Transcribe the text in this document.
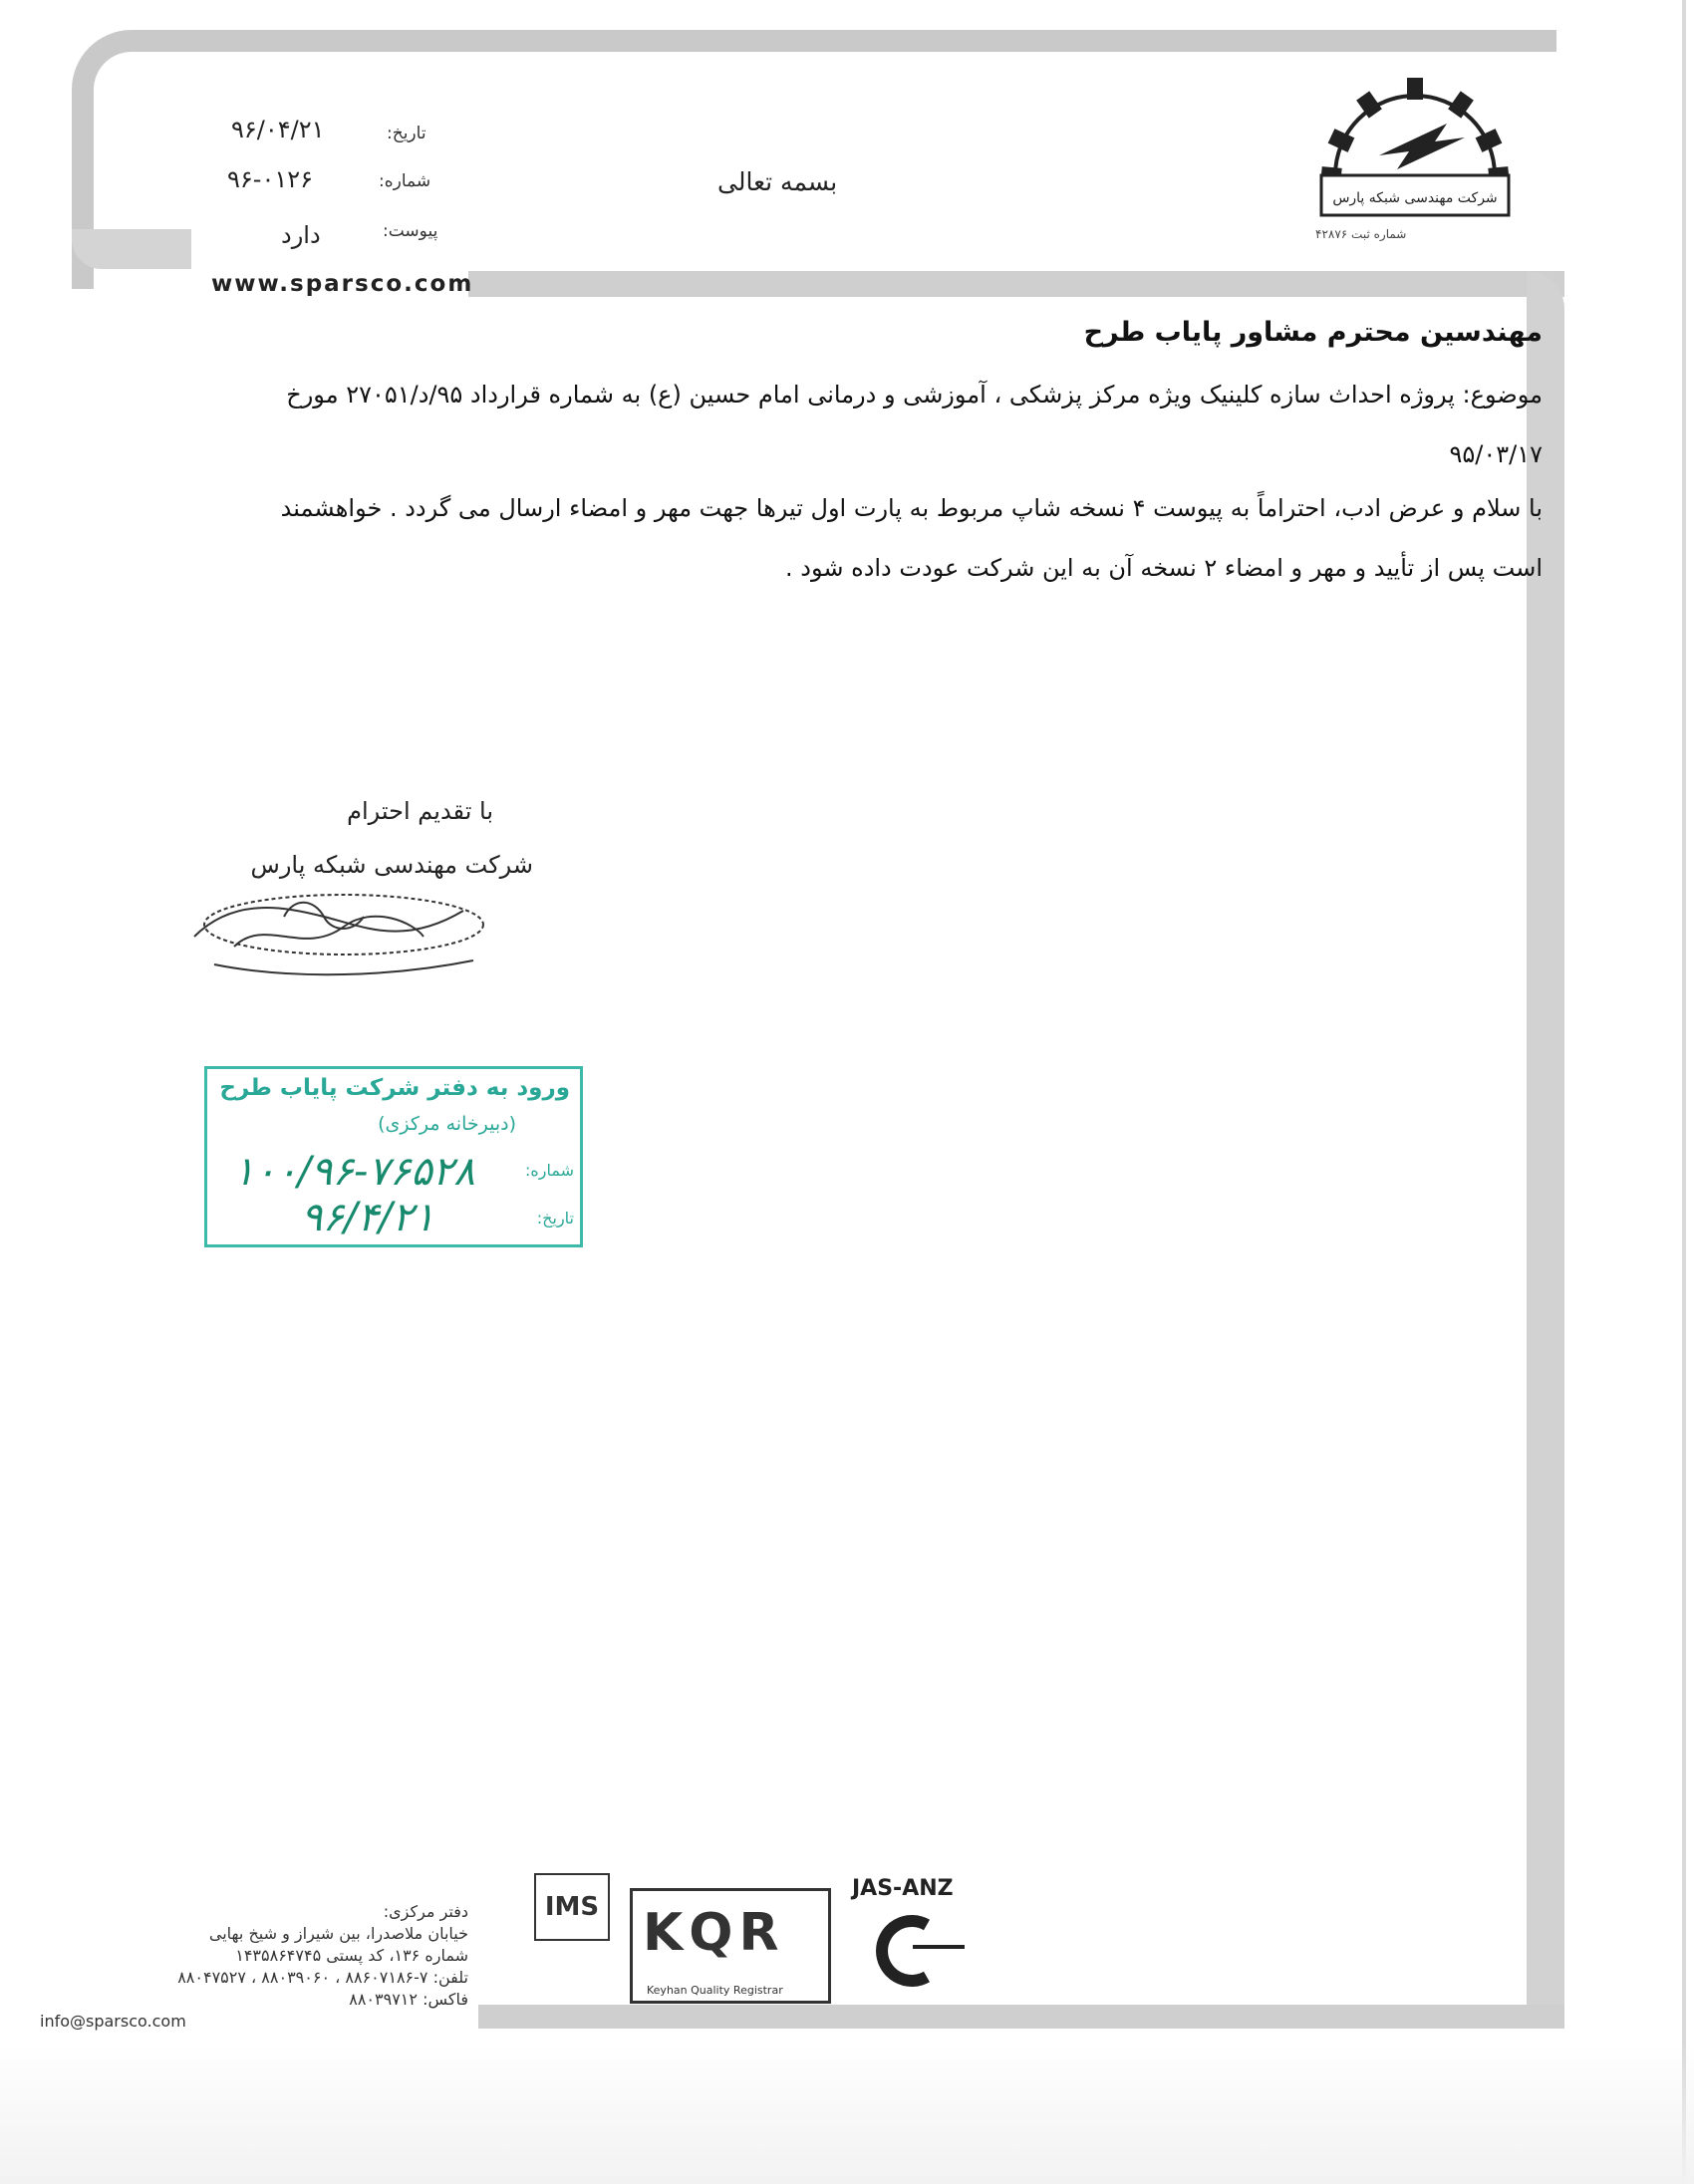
شرکت مهندسی شبکه پارس
شماره ثبت ۴۲۸۷۶
بسمه تعالی
تاریخ:
۹۶/۰۴/۲۱
شماره:
۹۶-۰۱۲۶
پیوست:
دارد
www.sparsco.com
مهندسین محترم مشاور پایاب طرح
موضوع: پروژه احداث سازه کلینیک ویژه مرکز پزشکی ، آموزشی و درمانی امام حسین (ع) به شماره قرارداد ۹۵/د/۲۷۰۵۱ مورخ ۹۵/۰۳/۱۷
با سلام و عرض ادب، احتراماً به پیوست ۴ نسخه شاپ مربوط به پارت اول تیرها جهت مهر و امضاء ارسال می گردد . خواهشمند است پس از تأیید و مهر و امضاء ۲ نسخه آن به این شرکت عودت داده شود .
با تقدیم احترام
شرکت مهندسی شبکه پارس
ورود به دفتر شرکت پایاب طرح
(دبیرخانه مرکزی)
شماره:
۱۰۰/۹۶-۷۶۵۲۸
تاریخ:
۹۶/۴/۲۱
دفتر مرکزی:
خیابان ملاصدرا، بین شیراز و شیخ بهایی
شماره ۱۳۶، کد پستی ۱۴۳۵۸۶۴۷۴۵
تلفن: ۷-۸۸۶۰۷۱۸۶ ، ۸۸۰۳۹۰۶۰ ، ۸۸۰۴۷۵۲۷
فاکس: ۸۸۰۳۹۷۱۲
info@sparsco.com
IMS KQR
Keyhan Quality Registrar
JAS-ANZ
